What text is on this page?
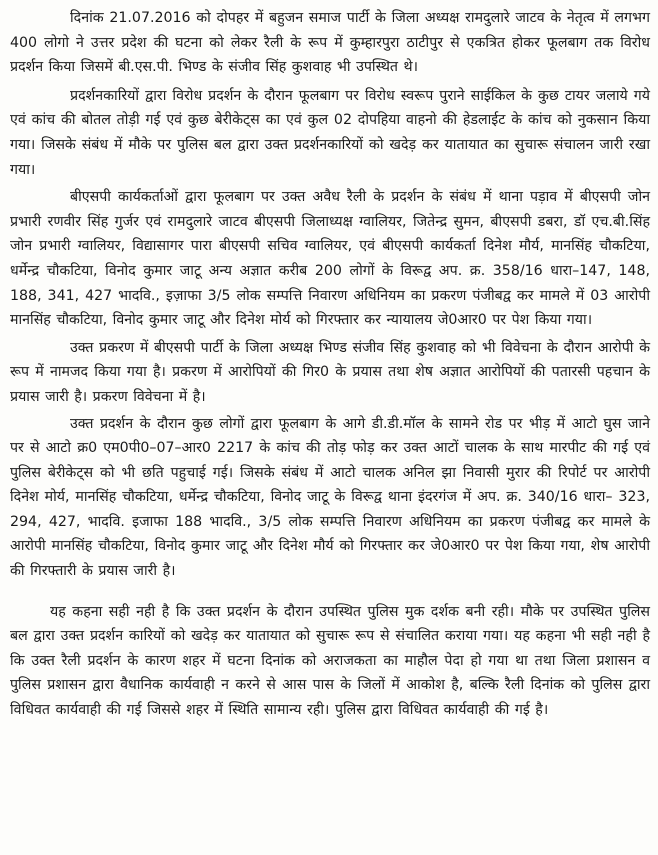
दिनांक 21.07.2016 को दोपहर में बहुजन समाज पार्टी के जिला अध्यक्ष रामदुलारे जाटव के नेतृत्व में लगभग 400 लोगो ने उत्तर प्रदेश की घटना को लेकर रैली के रूप में कुम्हारपुरा ठाटीपुर से एकत्रित होकर फूलबाग तक विरोध प्रदर्शन किया जिसमें बी.एस.पी. भिण्ड के संजीव सिंह कुशवाह भी उपस्थित थे।

प्रदर्शनकारियों द्वारा विरोध प्रदर्शन के दौरान फूलबाग पर विरोध स्वरूप पुराने साईकिल के कुछ टायर जलाये गये एवं कांच की बोतल तोड़ी गई एवं कुछ बेरीकेट्स का एवं कुल 02 दोपहिया वाहनो की हेडलाईट के कांच को नुकसान किया गया। जिसके संबंध में मौके पर पुलिस बल द्वारा उक्त प्रदर्शनकारियों को खदेड़ कर यातायात का सुचारू संचालन जारी रखा गया।

बीएसपी कार्यकर्ताओं द्वारा फूलबाग पर उक्त अवैध रैली के प्रदर्शन के संबंध में थाना पड़ाव में बीएसपी जोन प्रभारी रणवीर सिंह गुर्जर एवं रामदुलारे जाटव बीएसपी जिलाध्यक्ष ग्वालियर, जितेन्द्र सुमन, बीएसपी डबरा, डॉ एच.बी.सिंह जोन प्रभारी ग्वालियर, विद्यासागर पारा बीएसपी सचिव ग्वालियर, एवं बीएसपी कार्यकर्ता दिनेश मौर्य, मानसिंह चौकटिया, धर्मेन्द्र चौकटिया, विनोद कुमार जाटू अन्य अज्ञात करीब 200 लोगों के विरूद्व अप. क्र. 358/16 धारा–147, 148, 188, 341, 427 भादवि., इज़ाफा 3/5 लोक सम्पत्ति निवारण अधिनियम का प्रकरण पंजीबद्व कर मामले में 03 आरोपी मानसिंह चौकटिया, विनोद कुमार जाटू और दिनेश मोर्य को गिरफ्तार कर न्यायालय जे0आर0 पर पेश किया गया।

उक्त प्रकरण में बीएसपी पार्टी के जिला अध्यक्ष भिण्ड संजीव सिंह कुशवाह को भी विवेचना के दौरान आरोपी के रूप में नामजद किया गया है। प्रकरण में आरोपियों की गिर0 के प्रयास तथा शेष अज्ञात आरोपियों की पतारसी पहचान के प्रयास जारी है। प्रकरण विवेचना में है।

उक्त प्रदर्शन के दौरान कुछ लोगों द्वारा फूलबाग के आगे डी.डी.मॉल के सामने रोड पर भीड़ में आटो घुस जाने पर से आटो क्र0 एम0पी0–07–आर0 2217 के कांच की तोड़ फोड़ कर उक्त आटों चालक के साथ मारपीट की गई एवं पुलिस बेरीकेट्स को भी छति पहुचाई गई। जिसके संबंध में आटो चालक अनिल झा निवासी मुरार की रिपोर्ट पर आरोपी दिनेश मोर्य, मानसिंह चौकटिया, धर्मेन्द्र चौकटिया, विनोद जाटू के विरूद्व थाना इंदरगंज में अप. क्र. 340/16 धारा– 323, 294, 427, भादवि. इजाफा 188 भादवि., 3/5 लोक सम्पत्ति निवारण अधिनियम का प्रकरण पंजीबद्व कर मामले के आरोपी मानसिंह चौकटिया, विनोद कुमार जाटू और दिनेश मौर्य को गिरफ्तार कर जे0आर0 पर पेश किया गया, शेष आरोपी की गिरफ्तारी के प्रयास जारी है।

यह कहना सही नही है कि उक्त प्रदर्शन के दौरान उपस्थित पुलिस मुक दर्शक बनी रही। मौके पर उपस्थित पुलिस बल द्वारा उक्त प्रदर्शन कारियों को खदेड़ कर यातायात को सुचारू रूप से संचालित कराया गया। यह कहना भी सही नही है कि उक्त रैली प्रदर्शन के कारण शहर में घटना दिनांक को अराजकता का माहौल पेदा हो गया था तथा जिला प्रशासन व पुलिस प्रशासन द्वारा वैधानिक कार्यवाही न करने से आस पास के जिलों में आकोश है, बल्कि रैली दिनांक को पुलिस द्वारा विधिवत कार्यवाही की गई जिससे शहर में स्थिति सामान्य रही। पुलिस द्वारा विधिवत कार्यवाही की गई है।
